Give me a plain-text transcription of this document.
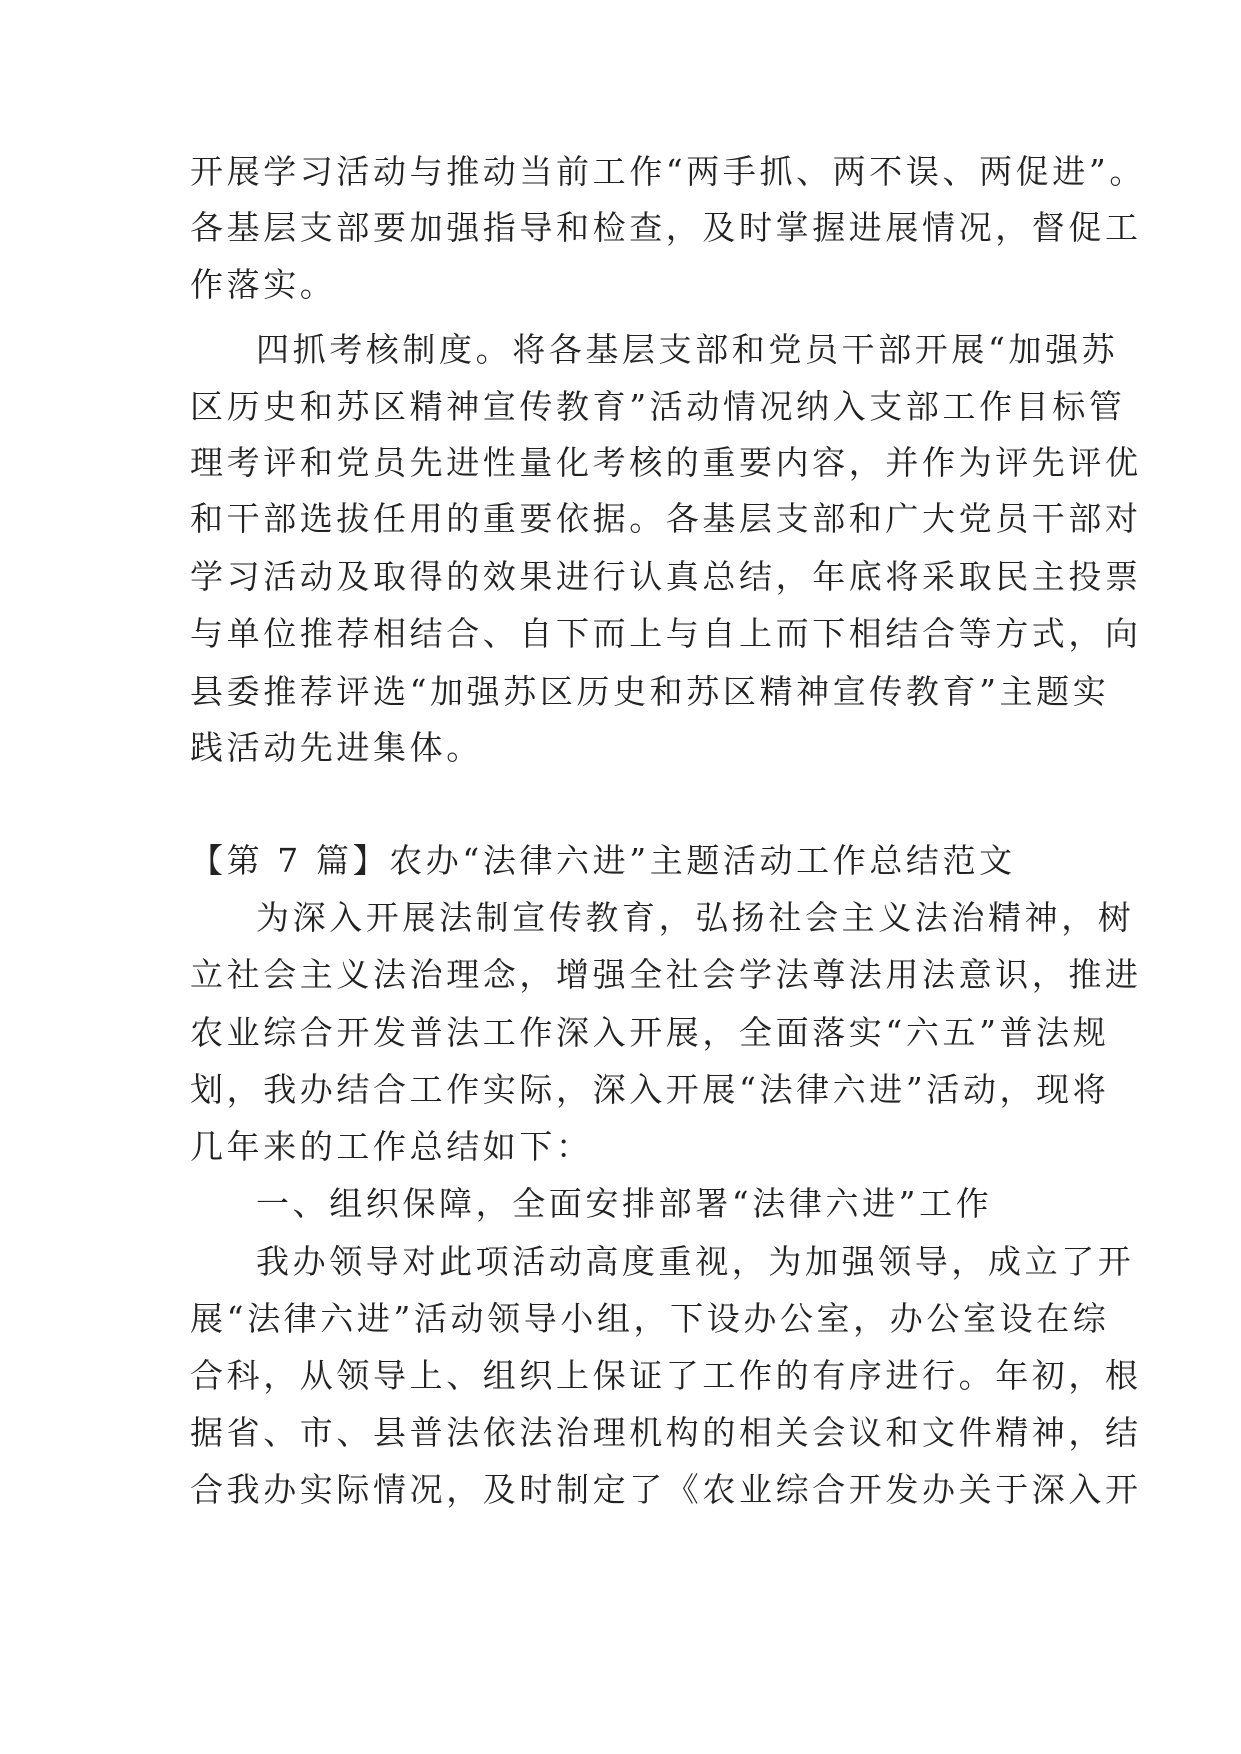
开展学习活动与推动当前工作“两手抓、两不误、两促进”。
各基层支部要加强指导和检查，及时掌握进展情况，督促工
作落实。
四抓考核制度。将各基层支部和党员干部开展“加强苏
区历史和苏区精神宣传教育”活动情况纳入支部工作目标管
理考评和党员先进性量化考核的重要内容，并作为评先评优
和干部选拔任用的重要依据。各基层支部和广大党员干部对
学习活动及取得的效果进行认真总结，年底将采取民主投票
与单位推荐相结合、自下而上与自上而下相结合等方式，向
县委推荐评选“加强苏区历史和苏区精神宣传教育”主题实
践活动先进集体。
【第 7 篇】农办“法律六进”主题活动工作总结范文
为深入开展法制宣传教育，弘扬社会主义法治精神，树
立社会主义法治理念，增强全社会学法尊法用法意识，推进
农业综合开发普法工作深入开展，全面落实“六五”普法规
划，我办结合工作实际，深入开展“法律六进”活动，现将
几年来的工作总结如下：
一、组织保障，全面安排部署“法律六进”工作
我办领导对此项活动高度重视，为加强领导，成立了开
展“法律六进”活动领导小组，下设办公室，办公室设在综
合科，从领导上、组织上保证了工作的有序进行。年初，根
据省、市、县普法依法治理机构的相关会议和文件精神，结
合我办实际情况，及时制定了《农业综合开发办关于深入开
